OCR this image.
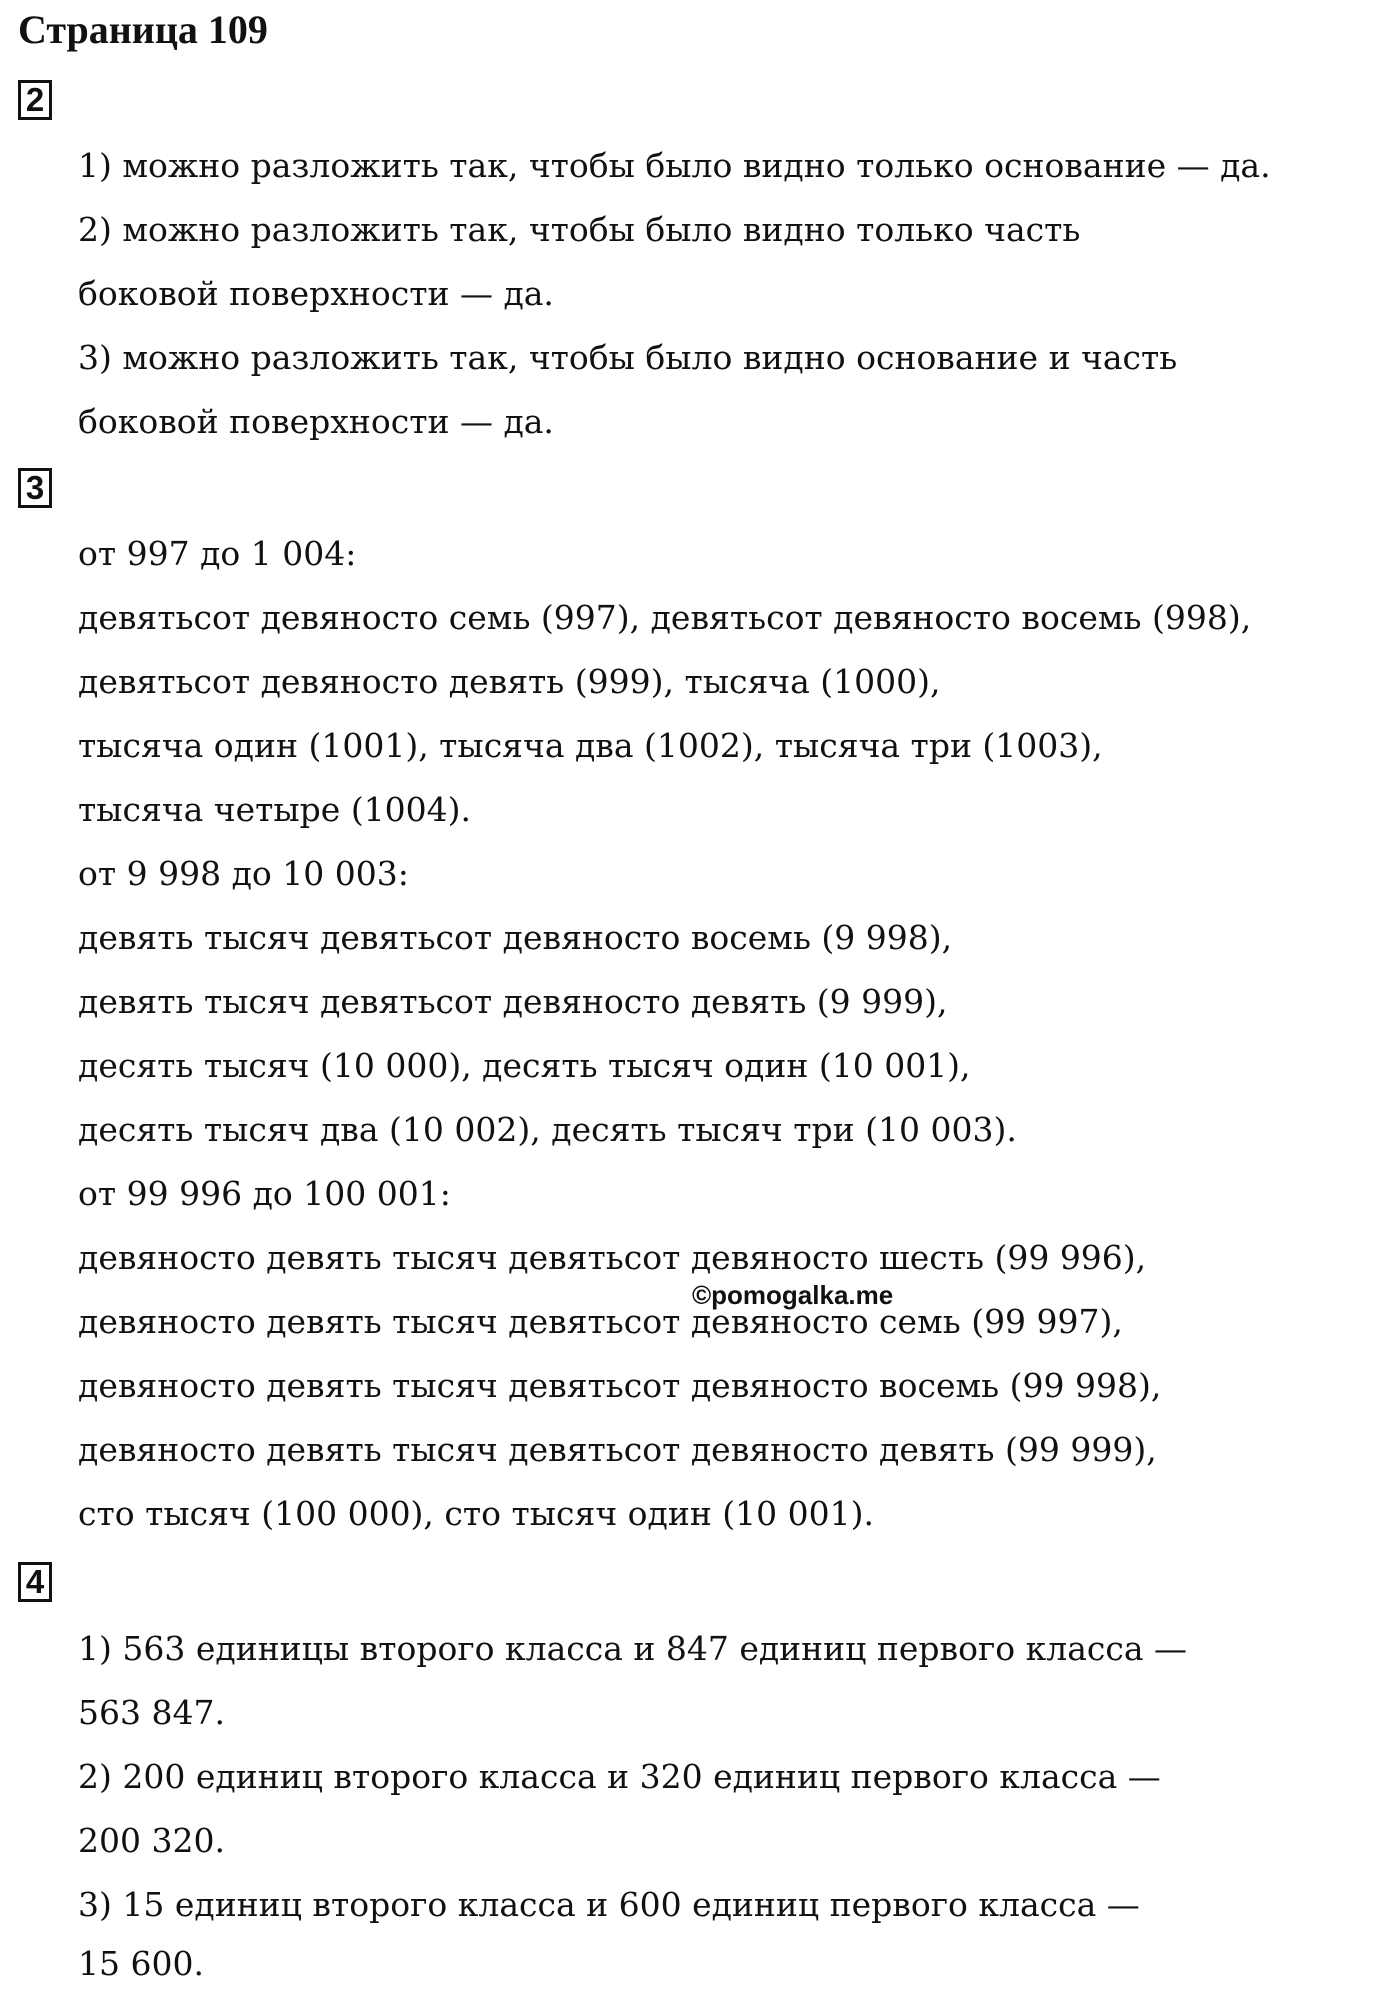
Страница 109
2
1) можно разложить так, чтобы было видно только основание — да.
2) можно разложить так, чтобы было видно только часть
боковой поверхности — да.
3) можно разложить так, чтобы было видно основание и часть
боковой поверхности — да.
3
от 997 до 1 004:
девятьсот девяносто семь (997), девятьсот девяносто восемь (998),
девятьсот девяносто девять (999), тысяча (1000),
тысяча один (1001), тысяча два (1002), тысяча три (1003),
тысяча четыре (1004).
от 9 998 до 10 003:
девять тысяч девятьсот девяносто восемь (9 998),
девять тысяч девятьсот девяносто девять (9 999),
десять тысяч (10 000), десять тысяч один (10 001),
десять тысяч два (10 002), десять тысяч три (10 003).
от 99 996 до 100 001:
девяносто девять тысяч девятьсот девяносто шесть (99 996),
девяносто девять тысяч девятьсот девяносто семь (99 997),
девяносто девять тысяч девятьсот девяносто восемь (99 998),
девяносто девять тысяч девятьсот девяносто девять (99 999),
сто тысяч (100 000), сто тысяч один (10 001).
4
1) 563 единицы второго класса и 847 единиц первого класса —
563 847.
2) 200 единиц второго класса и 320 единиц первого класса —
200 320.
3) 15 единиц второго класса и 600 единиц первого класса —
15 600.
©pomogalka.me
